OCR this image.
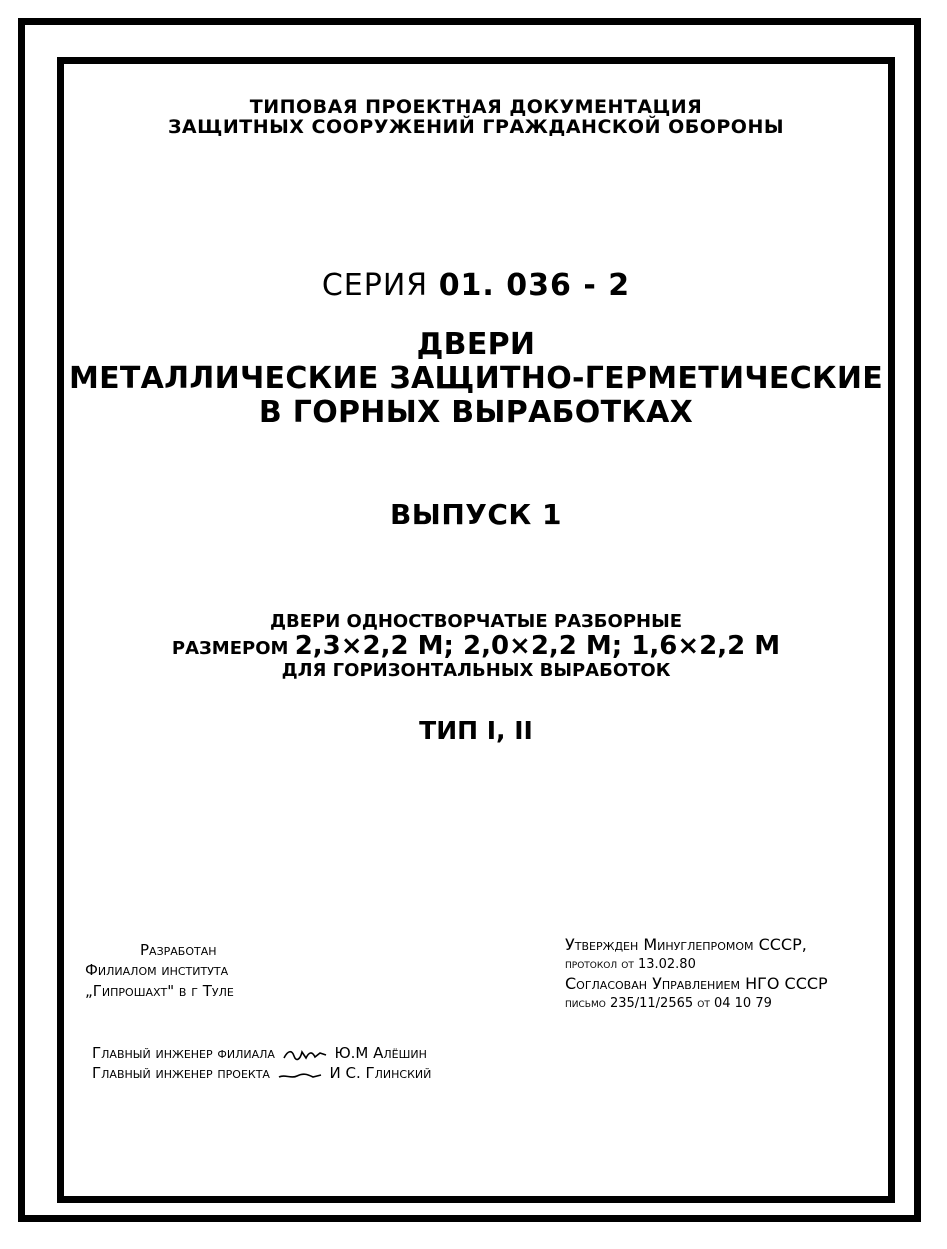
ТИПОВАЯ ПРОЕКТНАЯ ДОКУМЕНТАЦИЯ
ЗАЩИТНЫХ СООРУЖЕНИЙ ГРАЖДАНСКОЙ ОБОРОНЫ
СЕРИЯ 01. 036 - 2
ДВЕРИ
МЕТАЛЛИЧЕСКИЕ ЗАЩИТНО-ГЕРМЕТИЧЕСКИЕ
В ГОРНЫХ ВЫРАБОТКАХ
ВЫПУСК 1
ДВЕРИ ОДНОСТВОРЧАТЫЕ РАЗБОРНЫЕ
РАЗМЕРОМ 2,3×2,2 М; 2,0×2,2 М; 1,6×2,2 М
ДЛЯ ГОРИЗОНТАЛЬНЫХ ВЫРАБОТОК
ТИП I, II
Разработан
Филиалом института
„Гипрошахт" в г Туле
Утвержден Минуглепромом СССР,
протокол от 13.02.80
Согласован Управлением НГО СССР
письмо 235/11/2565 от 04 10 79
Главный инженер филиала	Ю.М Алёшин
Главный инженер проекта	И С. Глинский
